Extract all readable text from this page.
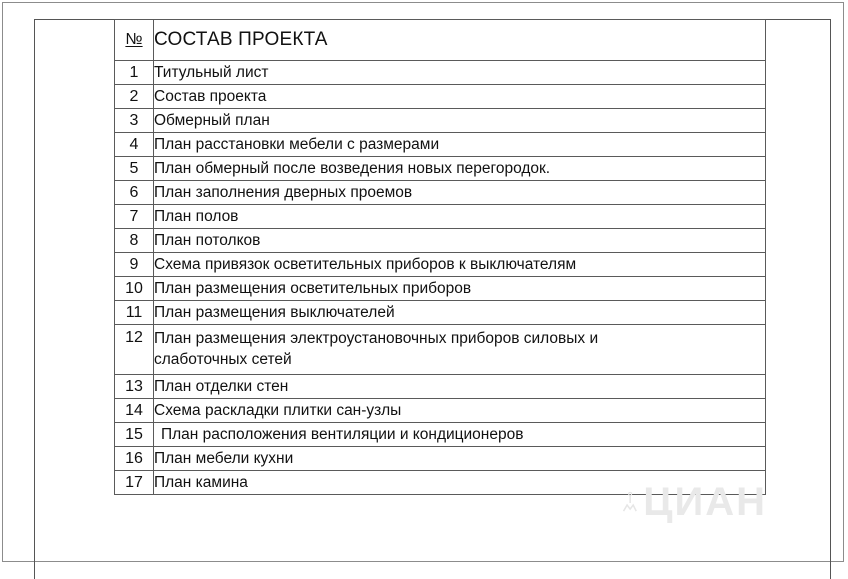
№	СОСТАВ ПРОЕКТА
1	Титульный лист
2	Состав проекта
3	Обмерный план
4	План расстановки мебели с размерами
5	План обмерный после возведения новых перегородок.
6	План заполнения дверных проемов
7	План полов
8	План потолков
9	Схема привязок осветительных приборов к выключателям
10	План размещения осветительных приборов
11	План размещения выключателей
12	План размещения электроустановочных приборов силовых и слаботочных сетей
13	План отделки стен
14	Схема раскладки плитки сан-узлы
15	План расположения вентиляции и кондиционеров
16	План мебели кухни
17	План камина	ЦИАН
